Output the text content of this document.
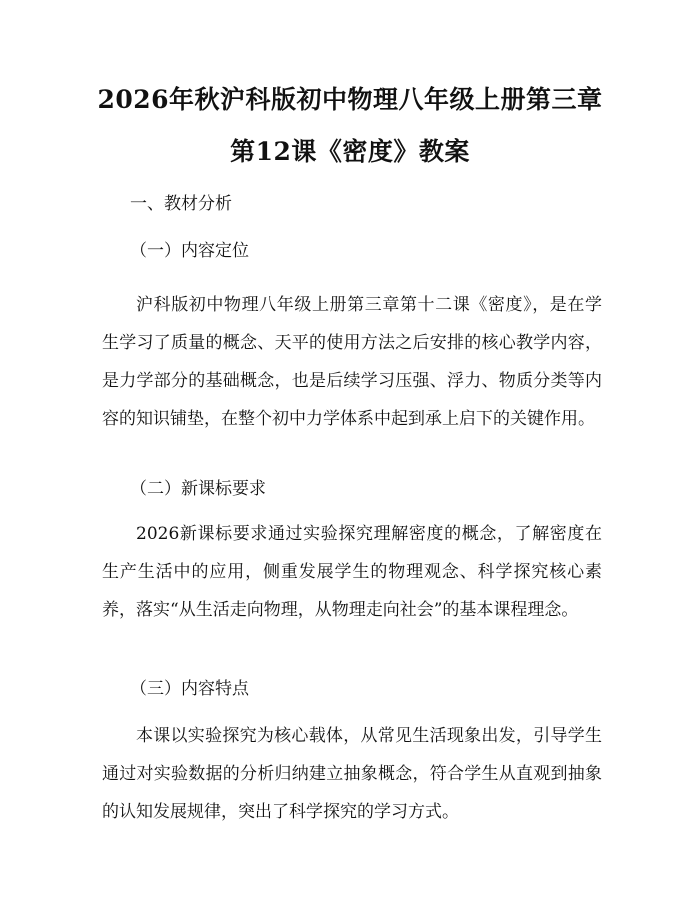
2026年秋沪科版初中物理八年级上册第三章
第12课《密度》教案
一、教材分析
（一）内容定位
沪科版初中物理八年级上册第三章第十二课《密度》，是在学生学习了质量的概念、天平的使用方法之后安排的核心教学内容，是力学部分的基础概念，也是后续学习压强、浮力、物质分类等内容的知识铺垫，在整个初中力学体系中起到承上启下的关键作用。
（二）新课标要求
2026新课标要求通过实验探究理解密度的概念，了解密度在生产生活中的应用，侧重发展学生的物理观念、科学探究核心素养，落实“从生活走向物理，从物理走向社会”的基本课程理念。
（三）内容特点
本课以实验探究为核心载体，从常见生活现象出发，引导学生通过对实验数据的分析归纳建立抽象概念，符合学生从直观到抽象的认知发展规律，突出了科学探究的学习方式。
